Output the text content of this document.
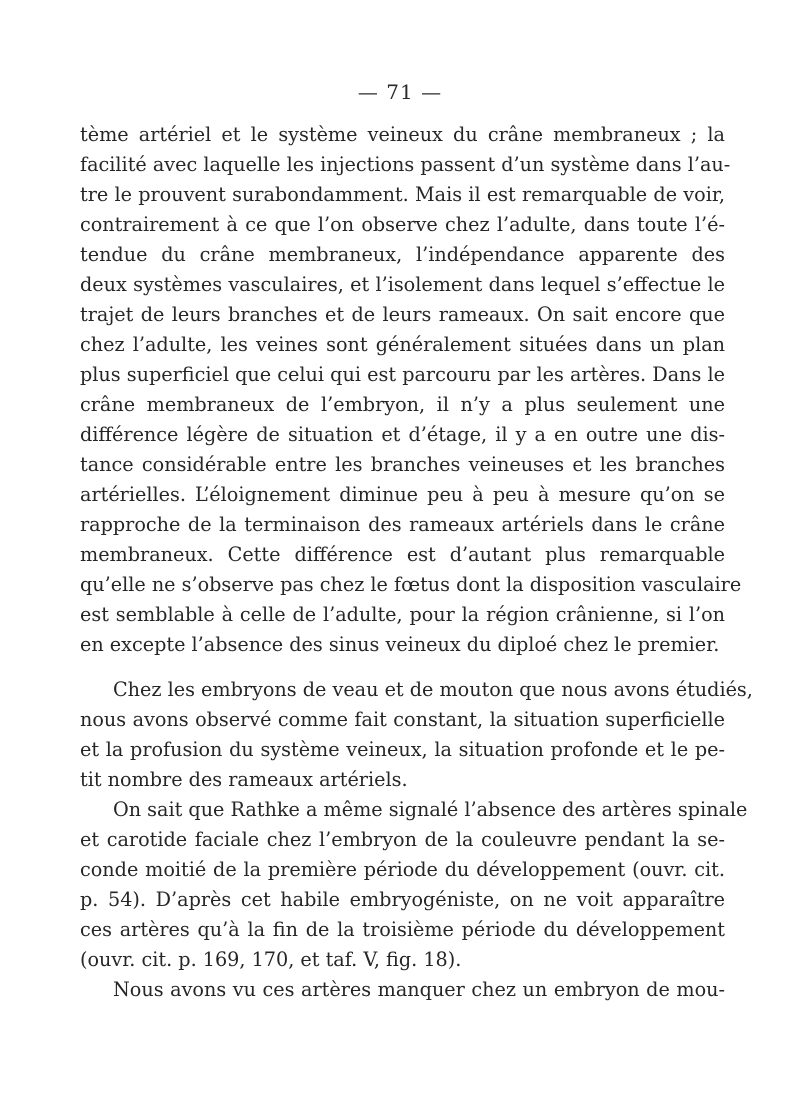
— 71 —
tème artériel et le système veineux du crâne membraneux ; la
facilité avec laquelle les injections passent d’un système dans l’au-
tre le prouvent surabondamment. Mais il est remarquable de voir,
contrairement à ce que l’on observe chez l’adulte, dans toute l’é-
tendue du crâne membraneux, l’indépendance apparente des
deux systèmes vasculaires, et l’isolement dans lequel s’effectue le
trajet de leurs branches et de leurs rameaux. On sait encore que
chez l’adulte, les veines sont généralement situées dans un plan
plus superficiel que celui qui est parcouru par les artères. Dans le
crâne membraneux de l’embryon, il n’y a plus seulement une
différence légère de situation et d’étage, il y a en outre une dis-
tance considérable entre les branches veineuses et les branches
artérielles. L’éloignement diminue peu à peu à mesure qu’on se
rapproche de la terminaison des rameaux artériels dans le crâne
membraneux. Cette différence est d’autant plus remarquable
qu’elle ne s’observe pas chez le fœtus dont la disposition vasculaire
est semblable à celle de l’adulte, pour la région crânienne, si l’on
en excepte l’absence des sinus veineux du diploé chez le premier.
Chez les embryons de veau et de mouton que nous avons étudiés,
nous avons observé comme fait constant, la situation superficielle
et la profusion du système veineux, la situation profonde et le pe-
tit nombre des rameaux artériels.
On sait que Rathke a même signalé l’absence des artères spinale
et carotide faciale chez l’embryon de la couleuvre pendant la se-
conde moitié de la première période du développement (ouvr. cit.
p. 54). D’après cet habile embryogéniste, on ne voit apparaître
ces artères qu’à la fin de la troisième période du développement
(ouvr. cit. p. 169, 170, et taf. V, fig. 18).
Nous avons vu ces artères manquer chez un embryon de mou-
